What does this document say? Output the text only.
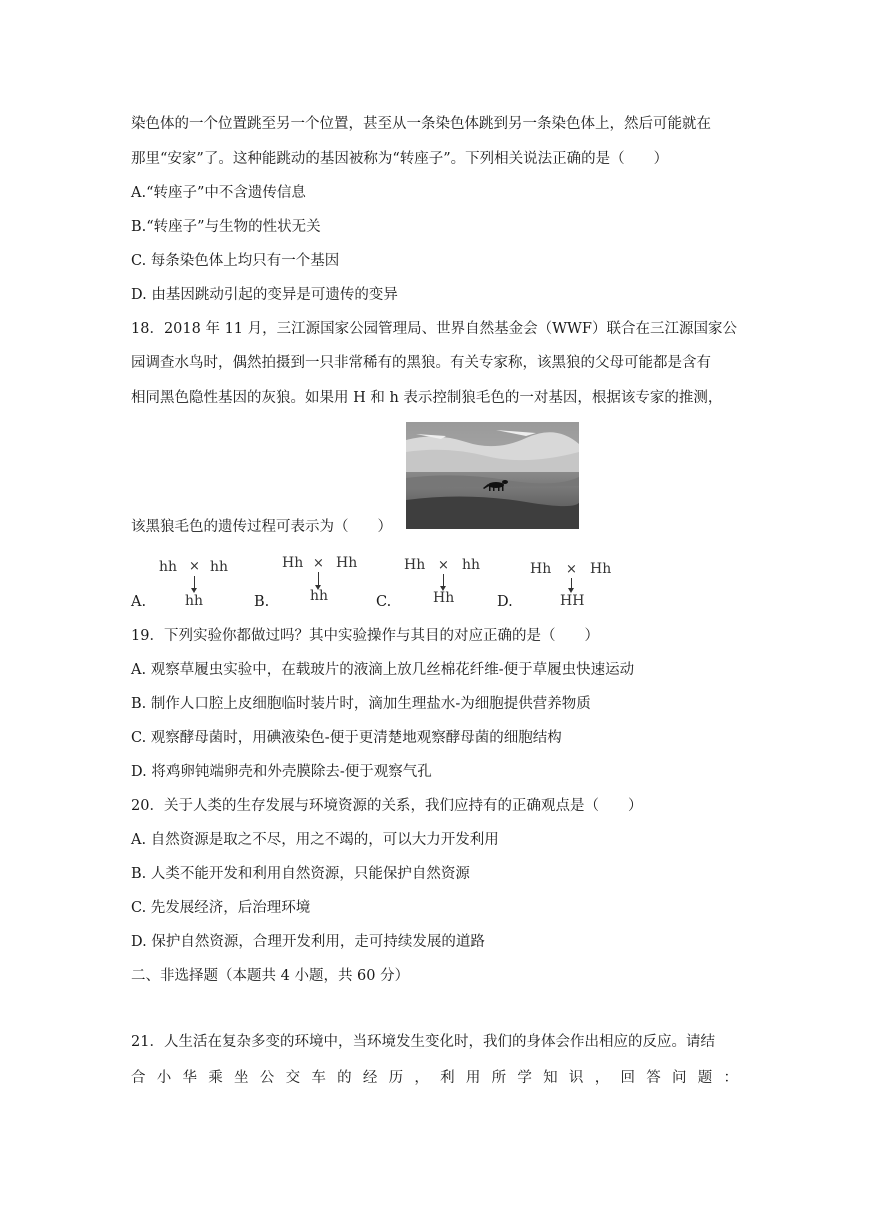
染色体的一个位置跳至另一个位置，甚至从一条染色体跳到另一条染色体上，然后可能就在
那里“安家”了。这种能跳动的基因被称为“转座子”。下列相关说法正确的是（　　）
A.“转座子”中不含遗传信息
B.“转座子”与生物的性状无关
C. 每条染色体上均只有一个基因
D. 由基因跳动引起的变异是可遗传的变异
18．2018 年 11 月，三江源国家公园管理局、世界自然基金会（WWF）联合在三江源国家公
园调查水鸟时，偶然拍摄到一只非常稀有的黑狼。有关专家称，该黑狼的父母可能都是含有
相同黑色隐性基因的灰狼。如果用 H 和 h 表示控制狼毛色的一对基因，根据该专家的推测，
该黑狼毛色的遗传过程可表示为（　　）
A.
hh × hh
hh	B.
Hh × Hh
hh	C.
Hh × hh
Hh	D.
Hh × Hh
HH
19．下列实验你都做过吗？其中实验操作与其目的对应正确的是（　　）
A. 观察草履虫实验中，在载玻片的液滴上放几丝棉花纤维-便于草履虫快速运动
B. 制作人口腔上皮细胞临时装片时，滴加生理盐水-为细胞提供营养物质
C. 观察酵母菌时，用碘液染色-便于更清楚地观察酵母菌的细胞结构
D. 将鸡卵钝端卵壳和外壳膜除去-便于观察气孔
20．关于人类的生存发展与环境资源的关系，我们应持有的正确观点是（　　）
A. 自然资源是取之不尽，用之不竭的，可以大力开发利用
B. 人类不能开发和利用自然资源，只能保护自然资源
C. 先发展经济，后治理环境
D. 保护自然资源，合理开发利用，走可持续发展的道路
二、非选择题（本题共 4 小题，共 60 分）
21．人生活在复杂多变的环境中，当环境发生变化时，我们的身体会作出相应的反应。请结
合小华乘坐公交车的经历，利用所学知识，回答问题：
